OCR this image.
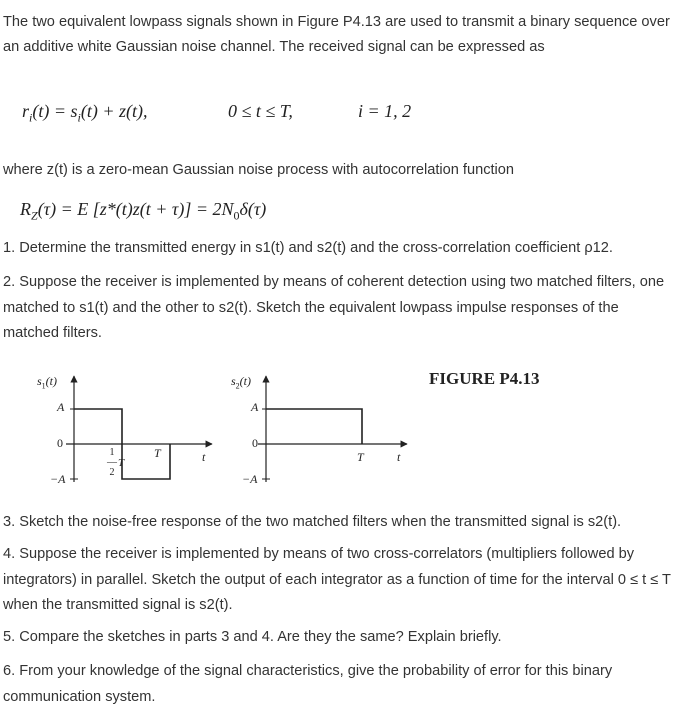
The two equivalent lowpass signals shown in Figure P4.13 are used to transmit a binary sequence over an additive white Gaussian noise channel. The received signal can be expressed as
$r_i(t) = s_i(t) + z(t)$,	0 ≤ t ≤ T,	i = 1, 2
where z(t) is a zero-mean Gaussian noise process with autocorrelation function
$R_Z(\tau) = E$ $[z*(t)z(t + \tau)] = 2N_0\delta(\tau)$
1. Determine the transmitted energy in s1(t) and s2(t) and the cross-correlation coefficient ρ12.
2. Suppose the receiver is implemented by means of coherent detection using two matched filters, one matched to s1(t) and the other to s2(t). Sketch the equivalent lowpass impulse responses of the matched filters.
FIGURE P4.13
$s_1(t)$
A
0
−A
1
―
2
T
T	t
$s_2(t)$
A
0
−A
T	t
3. Sketch the noise-free response of the two matched filters when the transmitted signal is s2(t).
4. Suppose the receiver is implemented by means of two cross-correlators (multipliers followed by integrators) in parallel. Sketch the output of each integrator as a function of time for the interval 0 ≤ t ≤ T when the transmitted signal is s2(t).
5. Compare the sketches in parts 3 and 4. Are they the same? Explain briefly.
6. From your knowledge of the signal characteristics, give the probability of error for this binary communication system.
